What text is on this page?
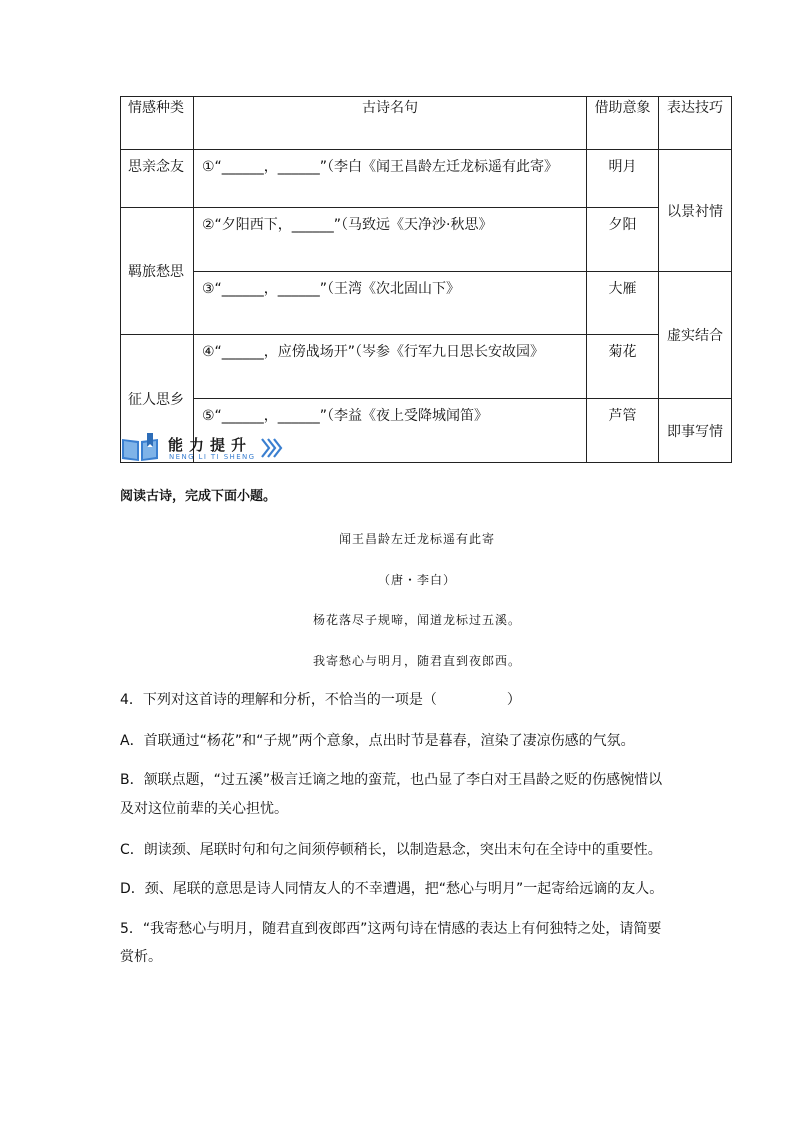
情感种类	古诗名句	借助意象	表达技巧
思亲念友	①“______，______”（李白《闻王昌龄左迁龙标遥有此寄》	明月	以景衬情
羁旅愁思	②“夕阳西下，______”（马致远《天净沙·秋思》	夕阳	
	③“______，______”（王湾《次北固山下》	大雁	虚实结合
征人思乡	④“______，应傍战场开”（岑参《行军九日思长安故园》	菊花	
	⑤“______，______”（李益《夜上受降城闻笛》	芦管	即事写情
能力提升
NENG LI TI SHENG
阅读古诗，完成下面小题。
闻王昌龄左迁龙标遥有此寄
（唐・李白）
杨花落尽子规啼，闻道龙标过五溪。
我寄愁心与明月，随君直到夜郎西。
4．下列对这首诗的理解和分析，不恰当的一项是（　　　　　）
A．首联通过“杨花”和“子规”两个意象，点出时节是暮春，渲染了凄凉伤感的气氛。
B．颔联点题，“过五溪”极言迁谪之地的蛮荒，也凸显了李白对王昌龄之贬的伤感惋惜以
及对这位前辈的关心担忧。
C．朗读颈、尾联时句和句之间须停顿稍长，以制造悬念，突出末句在全诗中的重要性。
D．颈、尾联的意思是诗人同情友人的不幸遭遇，把“愁心与明月”一起寄给远谪的友人。
5．“我寄愁心与明月，随君直到夜郎西”这两句诗在情感的表达上有何独特之处，请简要
赏析。
